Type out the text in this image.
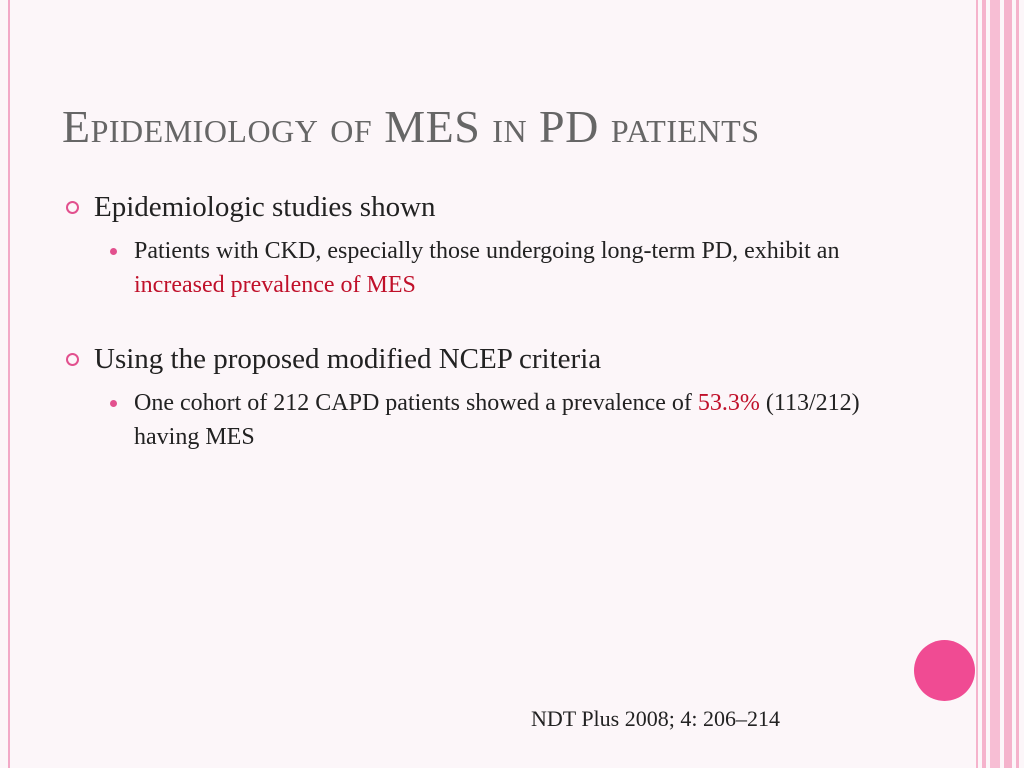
Epidemiology of MES in PD patients
Epidemiologic studies shown
Patients with CKD, especially those undergoing long-term PD, exhibit an increased prevalence of MES
Using the proposed modified NCEP criteria
One cohort of 212 CAPD patients showed a prevalence of 53.3% (113/212) having MES
NDT Plus 2008; 4: 206–214
